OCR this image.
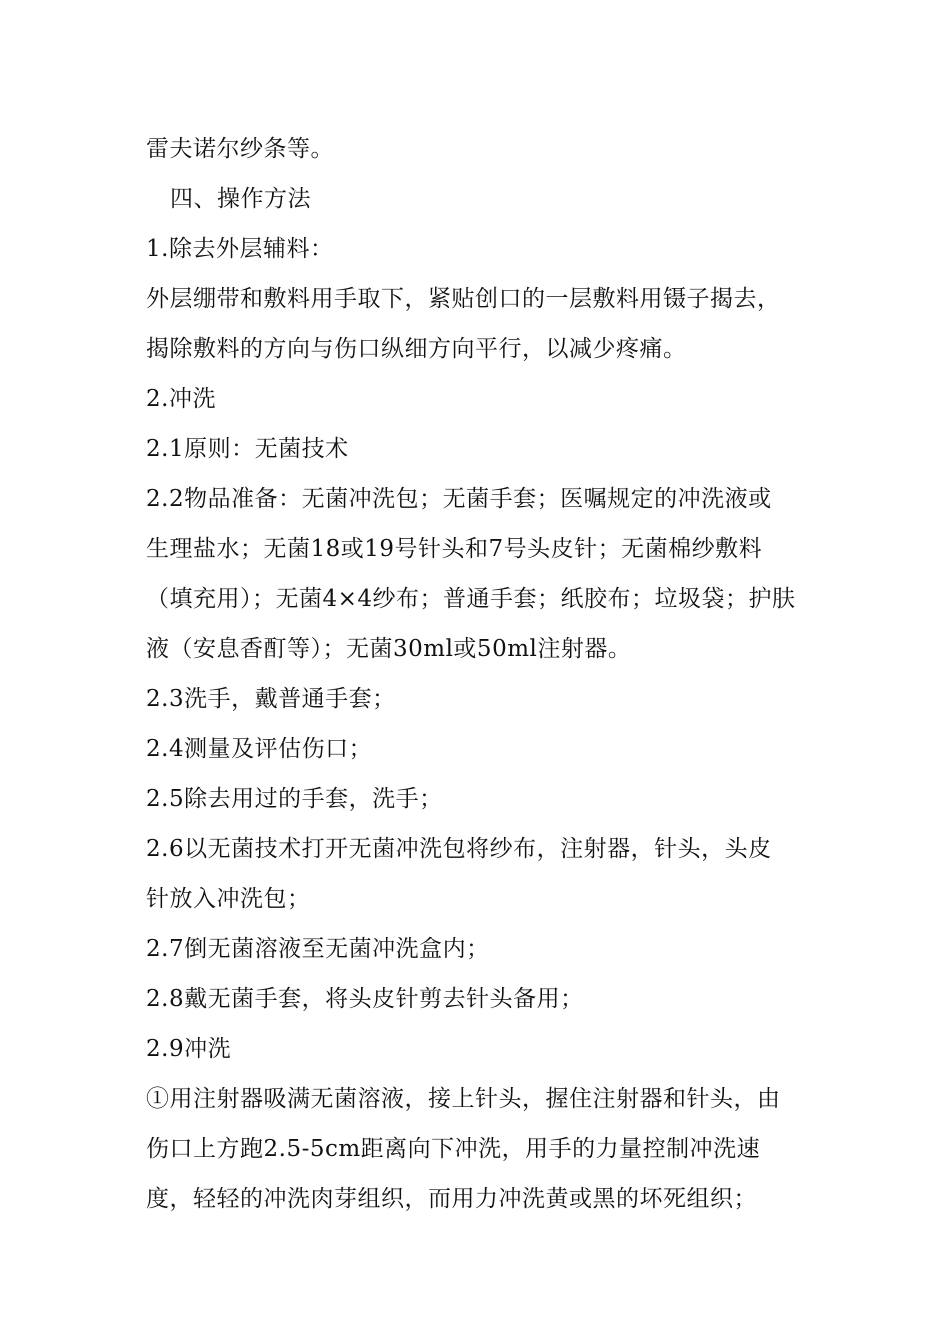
雷夫诺尔纱条等。
四、操作方法
1.除去外层辅料：
外层绷带和敷料用手取下，紧贴创口的一层敷料用镊子揭去，
揭除敷料的方向与伤口纵细方向平行，以减少疼痛。
2.冲洗
2.1原则：无菌技术
2.2物品准备：无菌冲洗包；无菌手套；医嘱规定的冲洗液或
生理盐水；无菌18或19号针头和7号头皮针；无菌棉纱敷料
（填充用）；无菌4×4纱布；普通手套；纸胶布；垃圾袋；护肤
液（安息香酊等）；无菌30ml或50ml注射器。
2.3洗手，戴普通手套；
2.4测量及评估伤口；
2.5除去用过的手套，洗手；
2.6以无菌技术打开无菌冲洗包将纱布，注射器，针头，头皮
针放入冲洗包；
2.7倒无菌溶液至无菌冲洗盒内；
2.8戴无菌手套，将头皮针剪去针头备用；
2.9冲洗
①用注射器吸满无菌溶液，接上针头，握住注射器和针头，由
伤口上方跑2.5-5cm距离向下冲洗，用手的力量控制冲洗速
度，轻轻的冲洗肉芽组织，而用力冲洗黄或黑的坏死组织；
